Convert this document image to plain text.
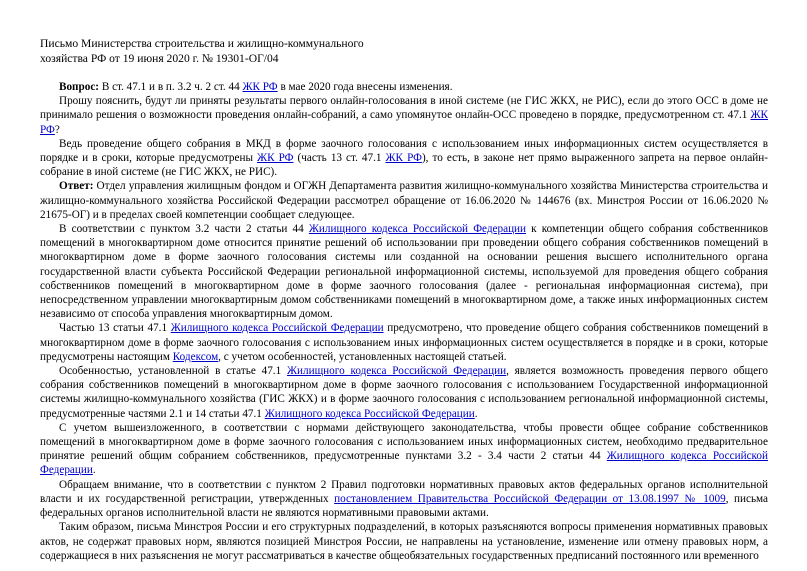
Письмо Министерства строительства и жилищно-коммунального
хозяйства РФ от 19 июня 2020 г. № 19301-ОГ/04

Вопрос: В ст. 47.1 и в п. 3.2 ч. 2 ст. 44 ЖК РФ в мае 2020 года внесены изменения.

Прошу пояснить, будут ли приняты результаты первого онлайн-голосования в иной системе (не ГИС ЖКХ, не РИС), если до этого ОСС в доме не принимало решения о возможности проведения онлайн-собраний, а само упомянутое онлайн-ОСС проведено в порядке, предусмотренном ст. 47.1 ЖК РФ?

Ведь проведение общего собрания в МКД в форме заочного голосования с использованием иных информационных систем осуществляется в порядке и в сроки, которые предусмотрены ЖК РФ (часть 13 ст. 47.1 ЖК РФ), то есть, в законе нет прямо выраженного запрета на первое онлайн-собрание в иной системе (не ГИС ЖКХ, не РИС).

Ответ: Отдел управления жилищным фондом и ОГЖН Департамента развития жилищно-коммунального хозяйства Министерства строительства и жилищно-коммунального хозяйства Российской Федерации рассмотрел обращение от 16.06.2020 № 144676 (вх. Минстроя России от 16.06.2020 № 21675-ОГ) и в пределах своей компетенции сообщает следующее.

В соответствии с пунктом 3.2 части 2 статьи 44 Жилищного кодекса Российской Федерации к компетенции общего собрания собственников помещений в многоквартирном доме относится принятие решений об использовании при проведении общего собрания собственников помещений в многоквартирном доме в форме заочного голосования системы или созданной на основании решения высшего исполнительного органа государственной власти субъекта Российской Федерации региональной информационной системы, используемой для проведения общего собрания собственников помещений в многоквартирном доме в форме заочного голосования (далее - региональная информационная система), при непосредственном управлении многоквартирным домом собственниками помещений в многоквартирном доме, а также иных информационных систем независимо от способа управления многоквартирным домом.

Частью 13 статьи 47.1 Жилищного кодекса Российской Федерации предусмотрено, что проведение общего собрания собственников помещений в многоквартирном доме в форме заочного голосования с использованием иных информационных систем осуществляется в порядке и в сроки, которые предусмотрены настоящим Кодексом, с учетом особенностей, установленных настоящей статьей.

Особенностью, установленной в статье 47.1 Жилищного кодекса Российской Федерации, является возможность проведения первого общего собрания собственников помещений в многоквартирном доме в форме заочного голосования с использованием Государственной информационной системы жилищно-коммунального хозяйства (ГИС ЖКХ) и в форме заочного голосования с использованием региональной информационной системы, предусмотренные частями 2.1 и 14 статьи 47.1 Жилищного кодекса Российской Федерации.

С учетом вышеизложенного, в соответствии с нормами действующего законодательства, чтобы провести общее собрание собственников помещений в многоквартирном доме в форме заочного голосования с использованием иных информационных систем, необходимо предварительное принятие решений общим собранием собственников, предусмотренные пунктами 3.2 - 3.4 части 2 статьи 44 Жилищного кодекса Российской Федерации.

Обращаем внимание, что в соответствии с пунктом 2 Правил подготовки нормативных правовых актов федеральных органов исполнительной власти и их государственной регистрации, утвержденных постановлением Правительства Российской Федерации от 13.08.1997 № 1009, письма федеральных органов исполнительной власти не являются нормативными правовыми актами.

Таким образом, письма Минстроя России и его структурных подразделений, в которых разъясняются вопросы применения нормативных правовых актов, не содержат правовых норм, являются позицией Минстроя России, не направлены на установление, изменение или отмену правовых норм, а содержащиеся в них разъяснения не могут рассматриваться в качестве общеобязательных государственных предписаний постоянного или временного
